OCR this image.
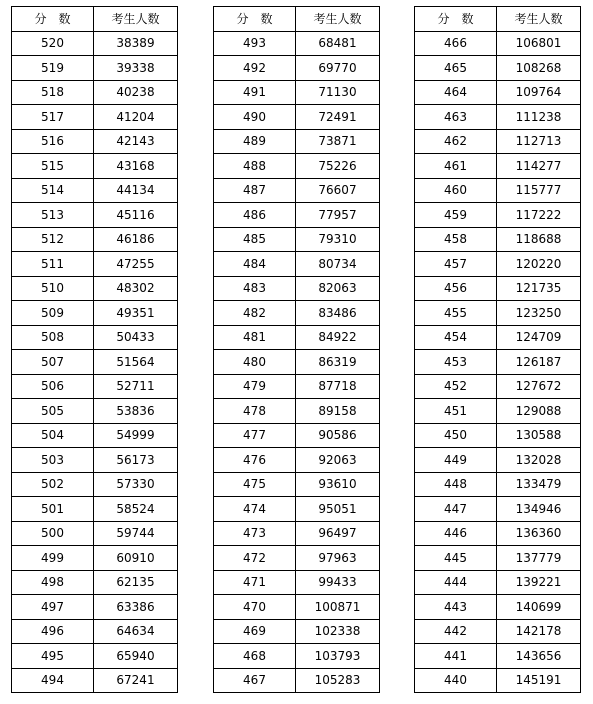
分　数	考生人数
520	38389
519	39338
518	40238
517	41204
516	42143
515	43168
514	44134
513	45116
512	46186
511	47255
510	48302
509	49351
508	50433
507	51564
506	52711
505	53836
504	54999
503	56173
502	57330
501	58524
500	59744
499	60910
498	62135
497	63386
496	64634
495	65940
494	67241
分　数	考生人数
493	68481
492	69770
491	71130
490	72491
489	73871
488	75226
487	76607
486	77957
485	79310
484	80734
483	82063
482	83486
481	84922
480	86319
479	87718
478	89158
477	90586
476	92063
475	93610
474	95051
473	96497
472	97963
471	99433
470	100871
469	102338
468	103793
467	105283
分　数	考生人数
466	106801
465	108268
464	109764
463	111238
462	112713
461	114277
460	115777
459	117222
458	118688
457	120220
456	121735
455	123250
454	124709
453	126187
452	127672
451	129088
450	130588
449	132028
448	133479
447	134946
446	136360
445	137779
444	139221
443	140699
442	142178
441	143656
440	145191
